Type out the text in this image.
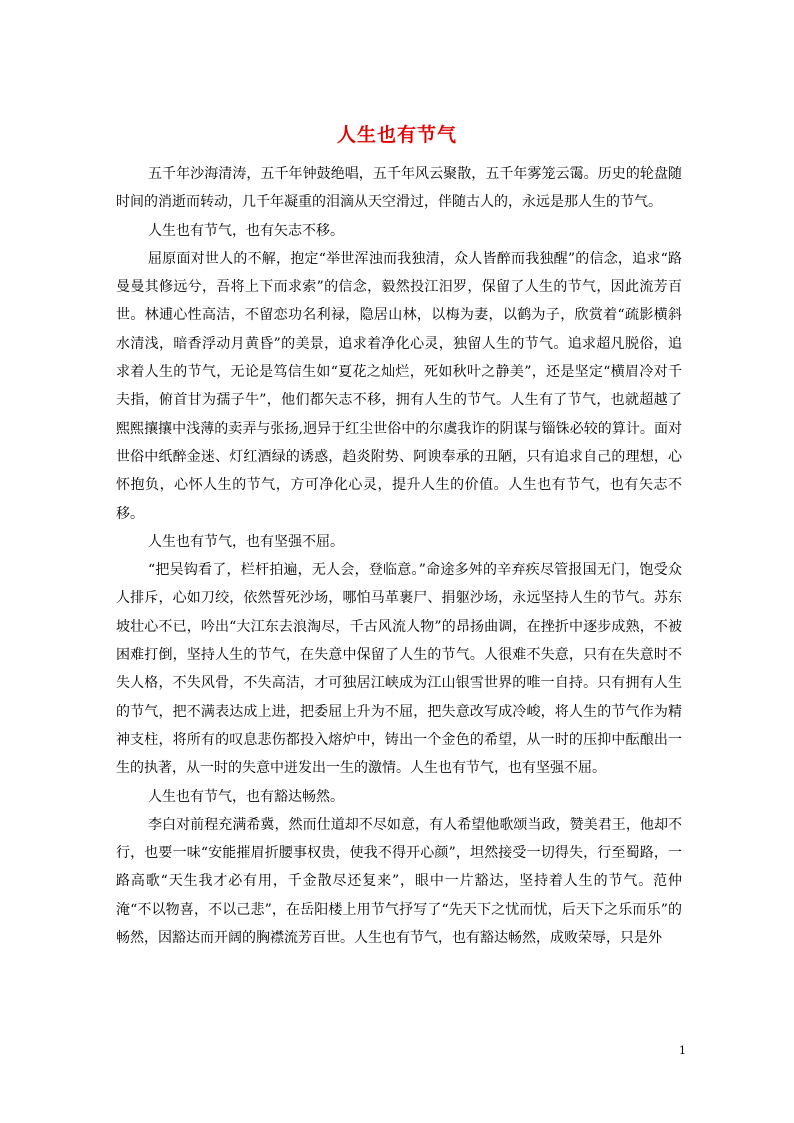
人生也有节气

五千年沙海清涛，五千年钟鼓绝唱，五千年风云聚散，五千年雾笼云霭。历史的轮盘随时间的消逝而转动，几千年凝重的泪滴从天空滑过，伴随古人的，永远是那人生的节气。

人生也有节气，也有矢志不移。

屈原面对世人的不解，抱定“举世浑浊而我独清，众人皆醉而我独醒”的信念，追求“路曼曼其修远兮，吾将上下而求索”的信念，毅然投江汨罗，保留了人生的节气，因此流芳百世。林逋心性高洁，不留恋功名利禄，隐居山林，以梅为妻，以鹤为子，欣赏着“疏影横斜水清浅，暗香浮动月黄昏”的美景，追求着净化心灵，独留人生的节气。追求超凡脱俗，追求着人生的节气，无论是笃信生如“夏花之灿烂，死如秋叶之静美”，还是坚定“横眉冷对千夫指，俯首甘为孺子牛”，他们都矢志不移，拥有人生的节气。人生有了节气，也就超越了熙熙攘攘中浅薄的卖弄与张扬,迥异于红尘世俗中的尔虞我诈的阴谋与锱铢必较的算计。面对世俗中纸醉金迷、灯红酒绿的诱惑，趋炎附势、阿谀奉承的丑陋，只有追求自己的理想，心怀抱负，心怀人生的节气，方可净化心灵，提升人生的价值。人生也有节气，也有矢志不移。

人生也有节气，也有坚强不屈。

“把吴钩看了，栏杆拍遍，无人会，登临意。”命途多舛的辛弃疾尽管报国无门，饱受众人排斥，心如刀绞，依然誓死沙场，哪怕马革裹尸、捐躯沙场，永远坚持人生的节气。苏东坡壮心不已，吟出“大江东去浪淘尽，千古风流人物”的昂扬曲调，在挫折中逐步成熟，不被困难打倒，坚持人生的节气，在失意中保留了人生的节气。人很难不失意，只有在失意时不失人格，不失风骨，不失高洁，才可独居江峡成为江山银雪世界的唯一自持。只有拥有人生的节气，把不满表达成上进，把委屈上升为不屈，把失意改写成冷峻，将人生的节气作为精神支柱，将所有的叹息悲伤都投入熔炉中，铸出一个金色的希望，从一时的压抑中酝酿出一生的执著，从一时的失意中迸发出一生的激情。人生也有节气，也有坚强不屈。

人生也有节气，也有豁达畅然。

李白对前程充满希冀，然而仕道却不尽如意，有人希望他歌颂当政，赞美君王，他却不行，也要一味“安能摧眉折腰事权贵，使我不得开心颜”，坦然接受一切得失，行至蜀路，一路高歌“天生我才必有用，千金散尽还复来”，眼中一片豁达，坚持着人生的节气。范仲淹“不以物喜，不以己悲”，在岳阳楼上用节气抒写了“先天下之忧而忧，后天下之乐而乐”的畅然，因豁达而开阔的胸襟流芳百世。人生也有节气，也有豁达畅然，成败荣辱，只是外

1
